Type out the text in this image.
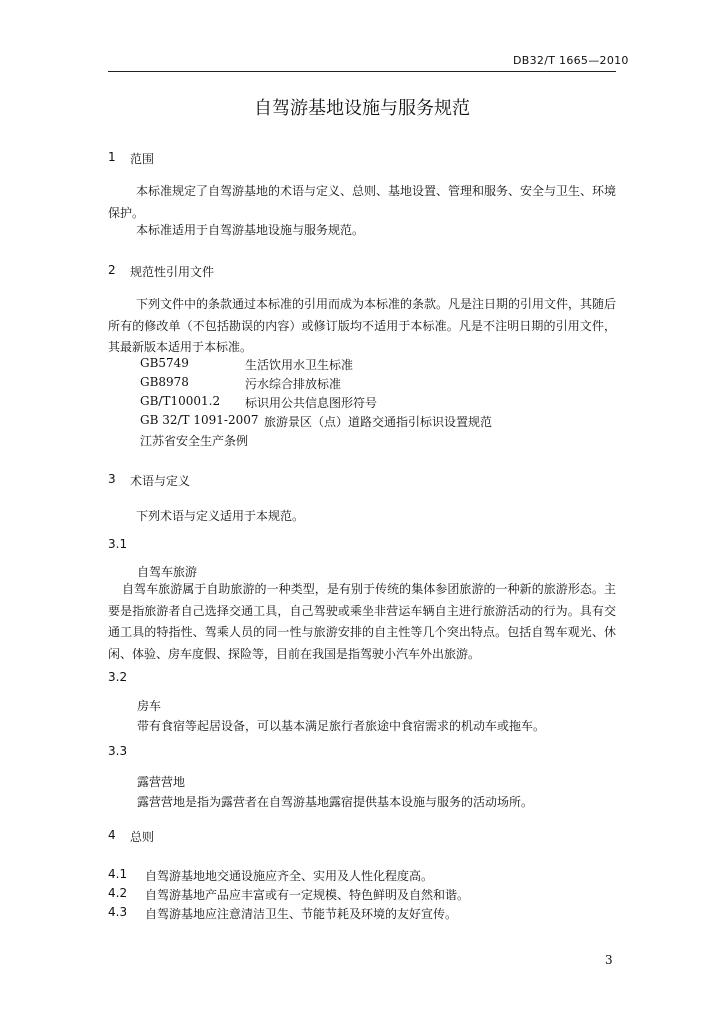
DB32/T 1665—2010
自驾游基地设施与服务规范
1 范围
本标准规定了自驾游基地的术语与定义、总则、基地设置、管理和服务、安全与卫生、环境保护。
本标准适用于自驾游基地设施与服务规范。
2 规范性引用文件
下列文件中的条款通过本标准的引用而成为本标准的条款。凡是注日期的引用文件，其随后所有的修改单（不包括勘误的内容）或修订版均不适用于本标准。凡是不注明日期的引用文件，其最新版本适用于本标准。
GB5749	生活饮用水卫生标准
GB8978	污水综合排放标准
GB/T10001.2 标识用公共信息图形符号
GB 32/T 1091-2007 旅游景区（点）道路交通指引标识设置规范
江苏省安全生产条例
3 术语与定义
下列术语与定义适用于本规范。
3.1
自驾车旅游
自驾车旅游属于自助旅游的一种类型，是有别于传统的集体参团旅游的一种新的旅游形态。主要是指旅游者自己选择交通工具，自己驾驶或乘坐非营运车辆自主进行旅游活动的行为。具有交通工具的特指性、驾乘人员的同一性与旅游安排的自主性等几个突出特点。包括自驾车观光、休闲、体验、房车度假、探险等，目前在我国是指驾驶小汽车外出旅游。
3.2
房车
带有食宿等起居设备，可以基本满足旅行者旅途中食宿需求的机动车或拖车。
3.3
露营营地
露营营地是指为露营者在自驾游基地露宿提供基本设施与服务的活动场所。
4 总则
4.1 自驾游基地地交通设施应齐全、实用及人性化程度高。
4.2 自驾游基地产品应丰富或有一定规模、特色鲜明及自然和谐。
4.3 自驾游基地应注意清洁卫生、节能节耗及环境的友好宣传。
3
